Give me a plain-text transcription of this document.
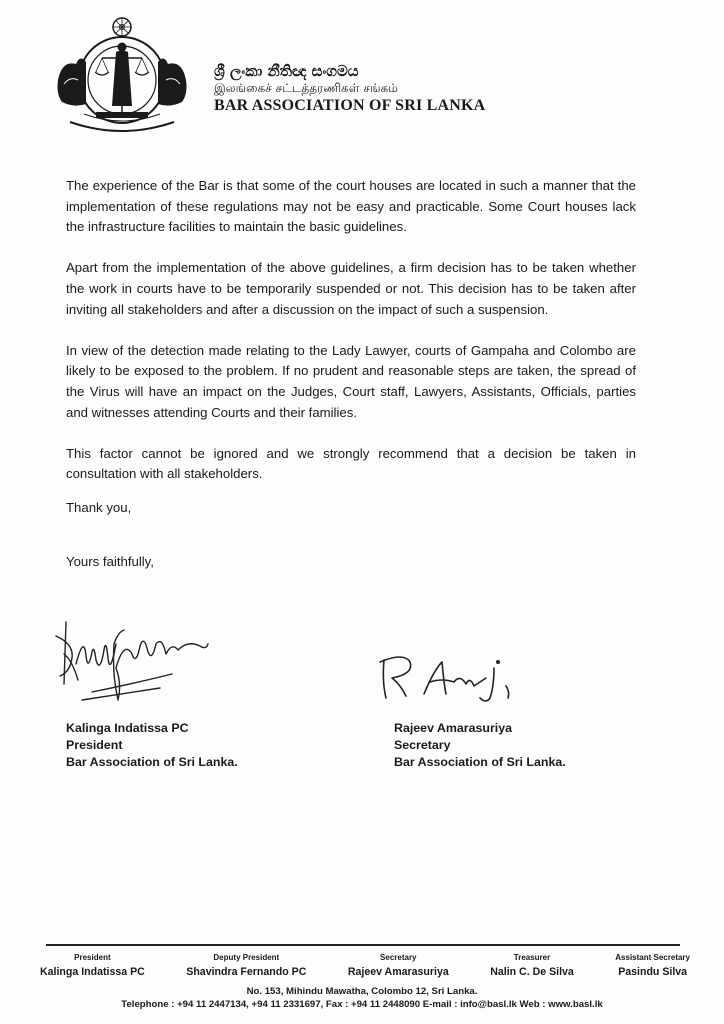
ශ්‍රී ලංකා නීතිඥ සංගමය
இலங்கைச் சட்டத்தரணிகள் சங்கம்
BAR ASSOCIATION OF SRI LANKA

The experience of the Bar is that some of the court houses are located in such a manner that the implementation of these regulations may not be easy and practicable. Some Court houses lack the infrastructure facilities to maintain the basic guidelines.

Apart from the implementation of the above guidelines, a firm decision has to be taken whether the work in courts have to be temporarily suspended or not. This decision has to be taken after inviting all stakeholders and after a discussion on the impact of such a suspension.

In view of the detection made relating to the Lady Lawyer, courts of Gampaha and Colombo are likely to be exposed to the problem. If no prudent and reasonable steps are taken, the spread of the Virus will have an impact on the Judges, Court staff, Lawyers, Assistants, Officials, parties and witnesses attending Courts and their families.

This factor cannot be ignored and we strongly recommend that a decision be taken in consultation with all stakeholders.

Thank you,
Yours faithfully,
Kalinga Indatissa PC
President
Bar Association of Sri Lanka.
Rajeev Amarasuriya
Secretary
Bar Association of Sri Lanka.
President
Kalinga Indatissa PC
Deputy President
Shavindra Fernando PC
Secretary
Rajeev Amarasuriya
Treasurer
Nalin C. De Silva
Assistant Secretary
Pasindu Silva
No. 153, Mihindu Mawatha, Colombo 12, Sri Lanka.
Telephone : +94 11 2447134, +94 11 2331697, Fax : +94 11 2448090 E-mail : info@basl.lk Web : www.basl.lk
